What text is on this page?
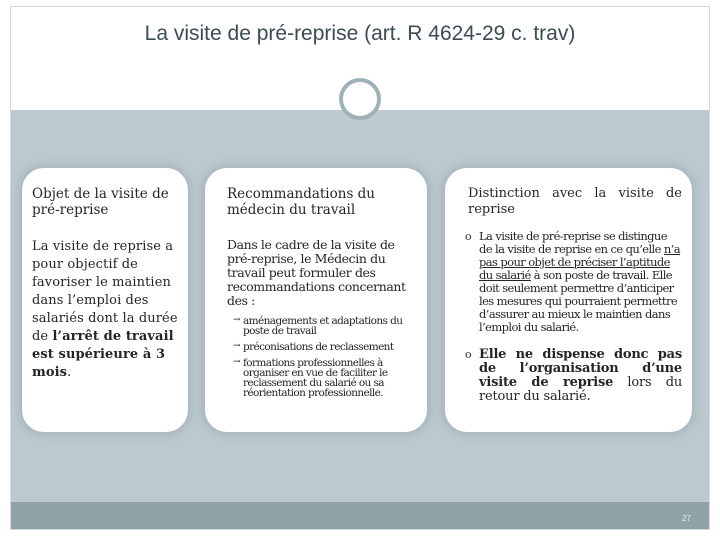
La visite de pré-reprise (art. R 4624-29 c. trav)
27
Objet de la visite de pré-reprise
La visite de reprise a pour objectif de favoriser le maintien dans l’emploi des salariés dont la durée de l’arrêt de travail est supérieure à 3 mois.
Recommandations du médecin du travail
Dans le cadre de la visite de pré-reprise, le Médecin du travail peut formuler des recommandations concernant des :
→ aménagements et adaptations du poste de travail
→ préconisations de reclassement
→ formations professionnelles à organiser en vue de faciliter le reclassement du salarié ou sa réorientation professionnelle.
Distinction avec la visite de reprise
o La visite de pré-reprise se distingue de la visite de reprise en ce qu’elle n’a pas pour objet de préciser l’aptitude du salarié à son poste de travail. Elle doit seulement permettre d’anticiper les mesures qui pourraient permettre d’assurer au mieux le maintien dans l’emploi du salarié.
o Elle ne dispense donc pas de l’organisation d’une visite de reprise lors du retour du salarié.
